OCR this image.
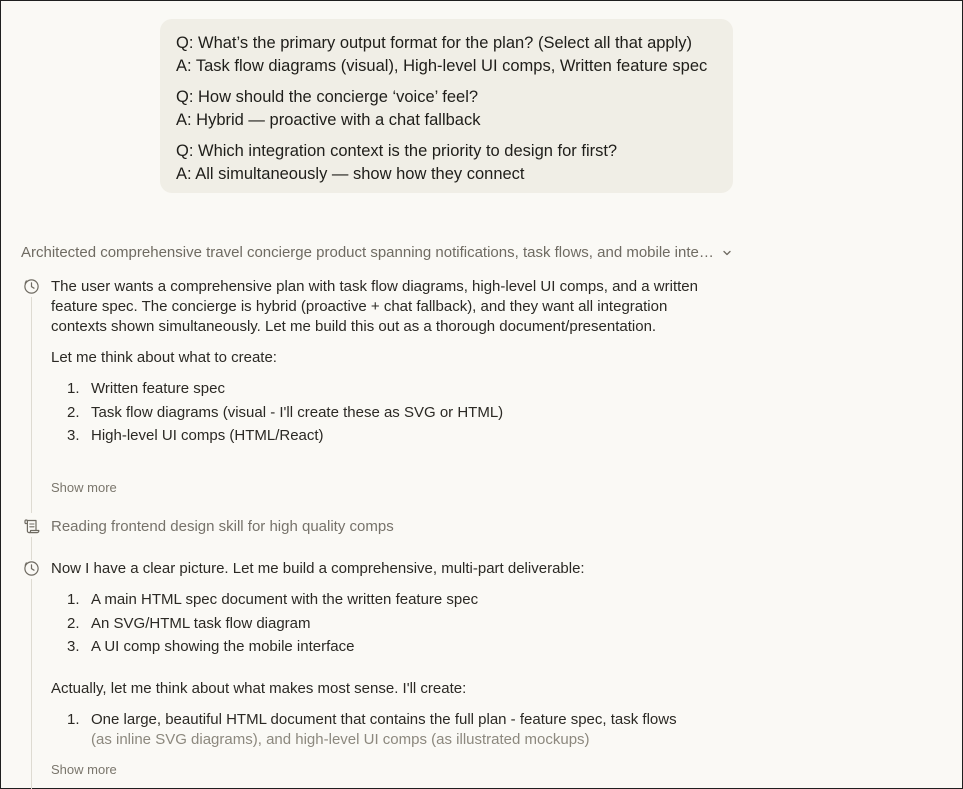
Q: What’s the primary output format for the plan? (Select all that apply)
A: Task flow diagrams (visual), High-level UI comps, Written feature spec
Q: How should the concierge ‘voice’ feel?
A: Hybrid — proactive with a chat fallback
Q: Which integration context is the priority to design for first?
A: All simultaneously — show how they connect
Architected comprehensive travel concierge product spanning notifications, task flows, and mobile inte…

The user wants a comprehensive plan with task flow diagrams, high-level UI comps, and a written feature spec. The concierge is hybrid (proactive + chat fallback), and they want all integration contexts shown simultaneously. Let me build this out as a thorough document/presentation.

Let me think about what to create:

1. Written feature spec
2. Task flow diagrams (visual - I'll create these as SVG or HTML)
3. High-level UI comps (HTML/React)
Show more
Reading frontend design skill for high quality comps

Now I have a clear picture. Let me build a comprehensive, multi-part deliverable:

1. A main HTML spec document with the written feature spec
2. An SVG/HTML task flow diagram
3. A UI comp showing the mobile interface

Actually, let me think about what makes most sense. I'll create:

1. One large, beautiful HTML document that contains the full plan - feature spec, task flows
(as inline SVG diagrams), and high-level UI comps (as illustrated mockups)
Show more
